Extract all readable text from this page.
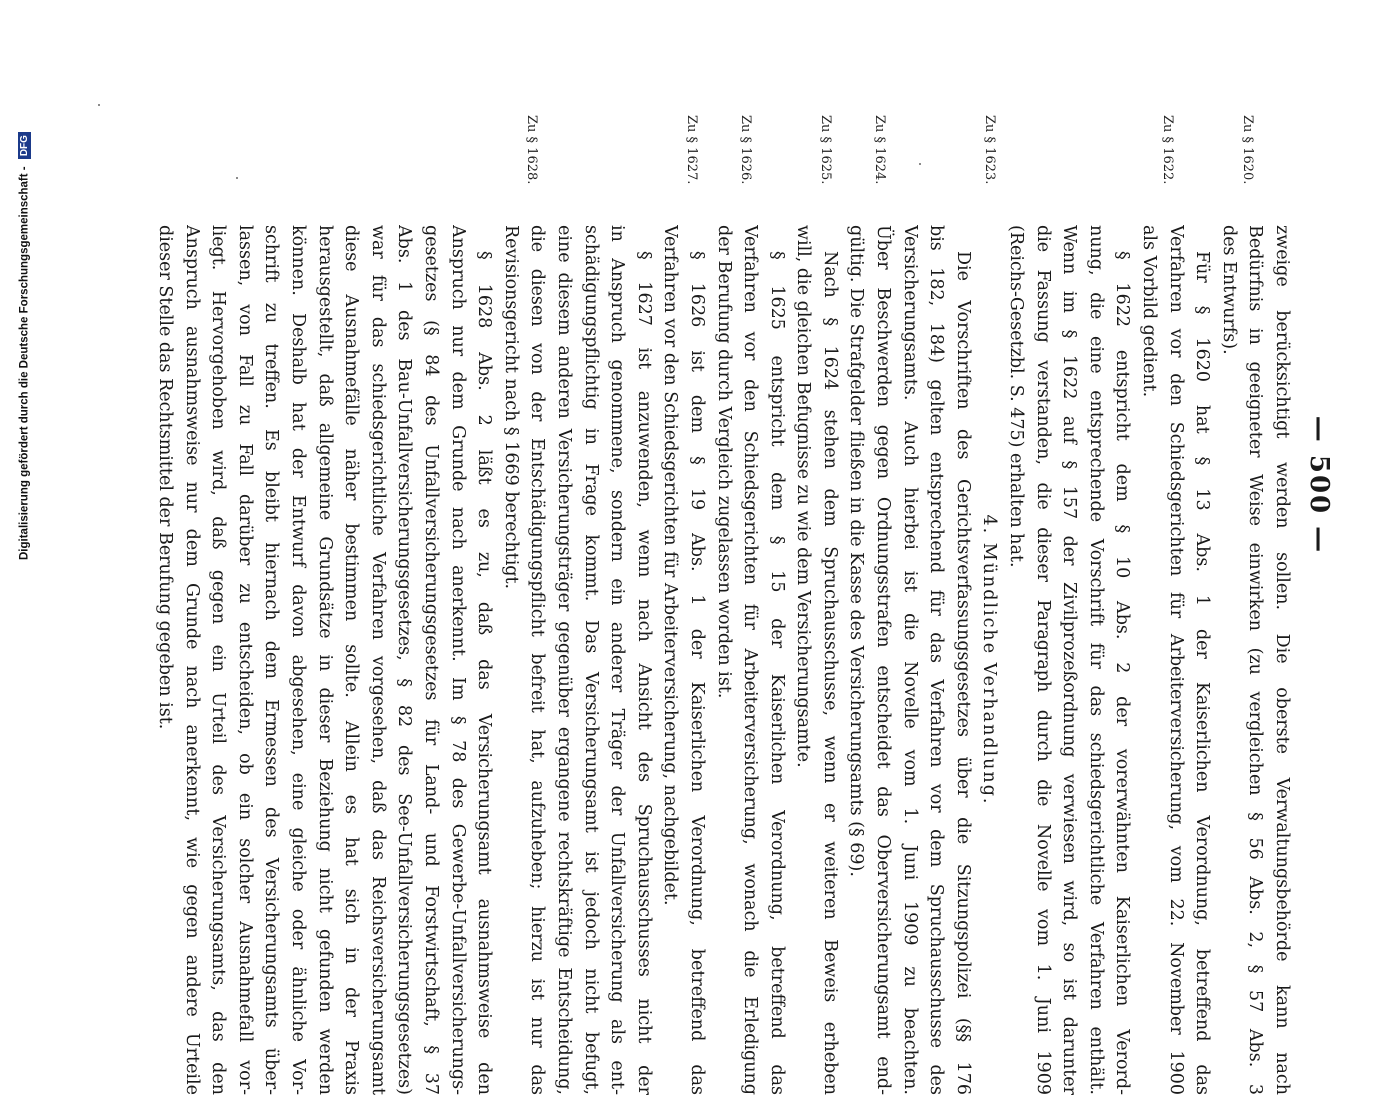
— 500 —
Zu § 1620.
Zu § 1622.
Zu § 1623.
Zu § 1624.
Zu § 1625.
Zu § 1626.
Zu § 1627.
Zu § 1628.
zweige berücksichtigt werden sollen. Die oberste Verwaltungsbehörde kann nach
Bedürfnis in geeigneter Weise einwirken (zu vergleichen § 56 Abs. 2, § 57 Abs. 3
des Entwurfs).
Für § 1620 hat § 13 Abs. 1 der Kaiserlichen Verordnung, betreffend das
Verfahren vor den Schiedsgerichten für Arbeiterversicherung, vom 22. November 1900
als Vorbild gedient.
§ 1622 entspricht dem § 10 Abs. 2 der vorerwähnten Kaiserlichen Verord-
nung, die eine entsprechende Vorschrift für das schiedsgerichtliche Verfahren enthält.
Wenn im § 1622 auf § 157 der Zivilprozeßordnung verwiesen wird, so ist darunter
die Fassung verstanden, die dieser Paragraph durch die Novelle vom 1. Juni 1909
(Reichs-Gesetzbl. S. 475) erhalten hat.
4. Mündliche Verhandlung.
Die Vorschriften des Gerichtsverfassungsgesetzes über die Sitzungspolizei (§§ 176
bis 182, 184) gelten entsprechend für das Verfahren vor dem Spruchausschusse des
Versicherungsamts. Auch hierbei ist die Novelle vom 1. Juni 1909 zu beachten.
Über Beschwerden gegen Ordnungsstrafen entscheidet das Oberversicherungsamt end-
gültig. Die Strafgelder fließen in die Kasse des Versicherungsamts (§ 69).
Nach § 1624 stehen dem Spruchausschusse, wenn er weiteren Beweis erheben
will, die gleichen Befugnisse zu wie dem Versicherungsamte.
§ 1625 entspricht dem § 15 der Kaiserlichen Verordnung, betreffend das
Verfahren vor den Schiedsgerichten für Arbeiterversicherung, wonach die Erledigung
der Berufung durch Vergleich zugelassen worden ist.
§ 1626 ist dem § 19 Abs. 1 der Kaiserlichen Verordnung, betreffend das
Verfahren vor den Schiedsgerichten für Arbeiterversicherung, nachgebildet.
§ 1627 ist anzuwenden, wenn nach Ansicht des Spruchausschusses nicht der
in Anspruch genommene, sondern ein anderer Träger der Unfallversicherung als ent-
schädigungspflichtig in Frage kommt. Das Versicherungsamt ist jedoch nicht befugt,
eine diesem anderen Versicherungsträger gegenüber ergangene rechtskräftige Entscheidung,
die diesen von der Entschädigungspflicht befreit hat, aufzuheben; hierzu ist nur das
Revisionsgericht nach § 1669 berechtigt.
§ 1628 Abs. 2 läßt es zu, daß das Versicherungsamt ausnahmsweise den
Anspruch nur dem Grunde nach anerkennt. Im § 78 des Gewerbe-Unfallversicherungs-
gesetzes (§ 84 des Unfallversicherungsgesetzes für Land- und Forstwirtschaft, § 37
Abs. 1 des Bau-Unfallversicherungsgesetzes, § 82 des See-Unfallversicherungsgesetzes)
war für das schiedsgerichtliche Verfahren vorgesehen, daß das Reichsversicherungsamt
diese Ausnahmefälle näher bestimmen sollte. Allein es hat sich in der Praxis
herausgestellt, daß allgemeine Grundsätze in dieser Beziehung nicht gefunden werden
können. Deshalb hat der Entwurf davon abgesehen, eine gleiche oder ähnliche Vor-
schrift zu treffen. Es bleibt hiernach dem Ermessen des Versicherungsamts über-
lassen, von Fall zu Fall darüber zu entscheiden, ob ein solcher Ausnahmefall vor-
liegt. Hervorgehoben wird, daß gegen ein Urteil des Versicherungsamts, das den
Anspruch ausnahmsweise nur dem Grunde nach anerkennt, wie gegen andere Urteile
dieser Stelle das Rechtsmittel der Berufung gegeben ist.
Digitalisierung gefördert durch die Deutsche Forschungsgemeinschaft - DFG
